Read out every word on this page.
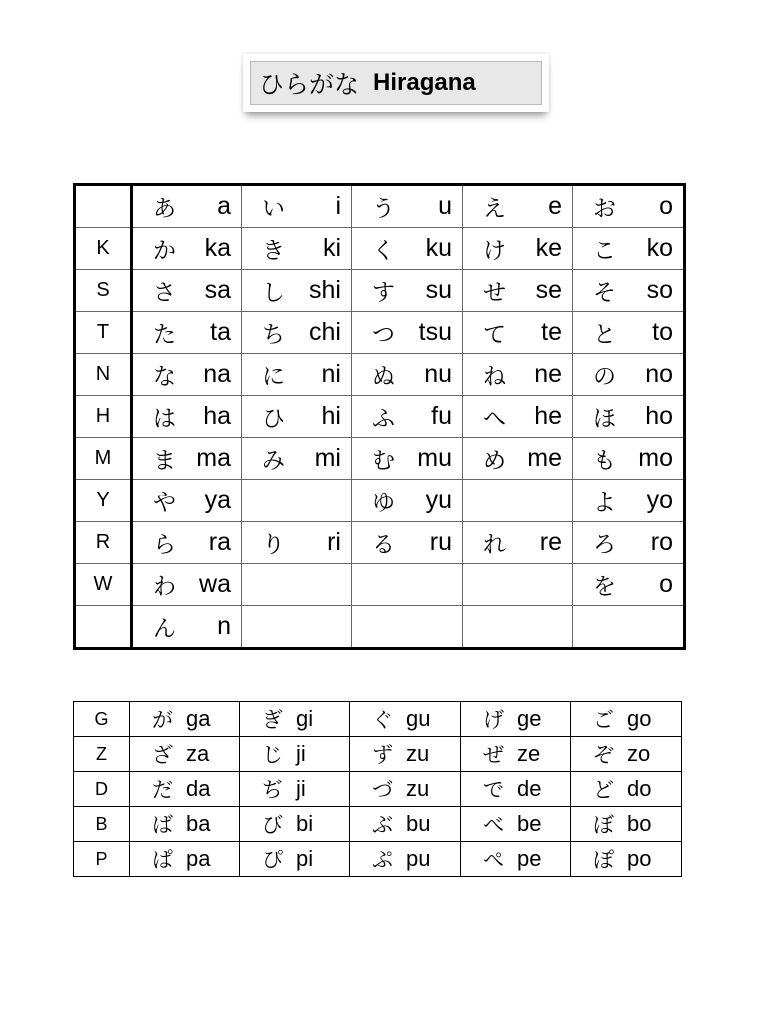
ひらがな Hiragana

	あ a	い i	う u	え e	お o

K	か ka	き ki	く ku	け ke	こ ko

S	さ sa	し shi	す su	せ se	そ so

T	た ta	ち chi	つ tsu	て te	と to

N	な na	に ni	ぬ nu	ね ne	の no

H	は ha	ひ hi	ふ fu	へ he	ほ ho

M	ま ma	み mi	む mu	め me	も mo

Y	や ya		ゆ yu		よ yo

R	ら ra	り ri	る ru	れ re	ろ ro

W	わ wa				を o

	ん n				

G	が ga	ぎ gi	ぐ gu	げ ge	ご go

Z	ざ za	じ ji	ず zu	ぜ ze	ぞ zo

D	だ da	ぢ ji	づ zu	で de	ど do

B	ば ba	び bi	ぶ bu	べ be	ぼ bo

P	ぱ pa	ぴ pi	ぷ pu	ぺ pe	ぽ po
